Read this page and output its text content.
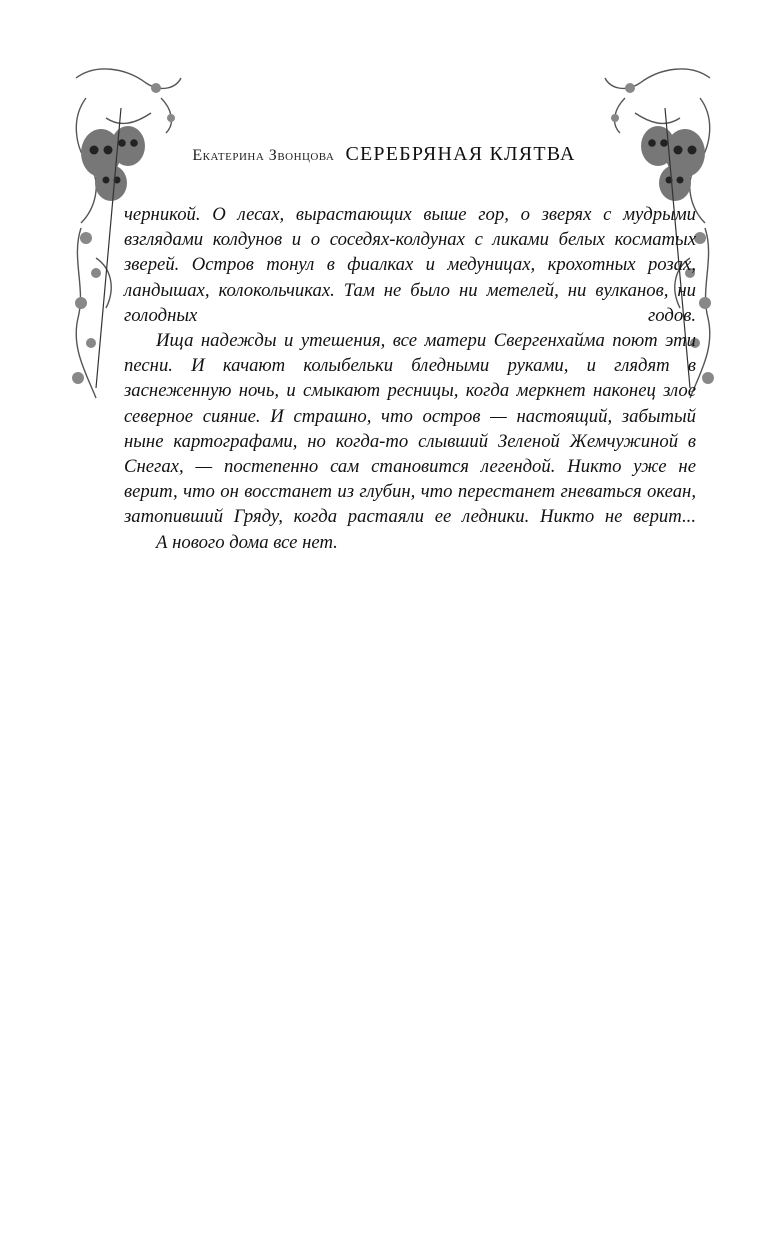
Екатерина Звонцова СЕРЕБРЯНАЯ КЛЯТВА

черникой. О лесах, вырастающих выше гор, о зверях с мудрыми взглядами колдунов и о соседях-колдунах с ликами белых косматых зверей. Остров тонул в фиалках и медуницах, крохотных розах, ландышах, колокольчиках. Там не было ни метелей, ни вулканов, ни голодных годов.

Ища надежды и утешения, все матери Свергенхайма поют эти песни. И качают колыбельки бледными руками, и глядят в заснеженную ночь, и смыкают ресницы, когда меркнет наконец злое северное сияние. И страшно, что остров — настоящий, забытый ныне картографами, но когда-то слывший Зеленой Жемчужиной в Снегах, — постепенно сам становится легендой. Никто уже не верит, что он восстанет из глубин, что перестанет гневаться океан, затопивший Гряду, когда растаяли ее ледники. Никто не верит...

А нового дома все нет.
